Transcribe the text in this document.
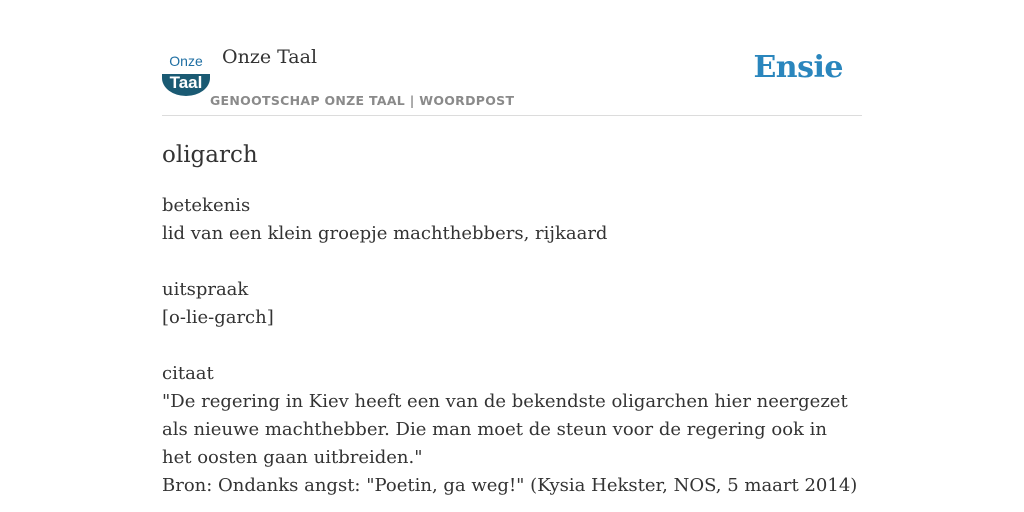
Onze
Taal
Onze Taal
GENOOTSCHAP ONZE TAAL | WOORDPOST
Ensie
oligarch
betekenis
lid van een klein groepje machthebbers, rijkaard
uitspraak
[o-lie-garch]
citaat
"De regering in Kiev heeft een van de bekendste oligarchen hier neergezet als nieuwe machthebber. Die man moet de steun voor de regering ook in het oosten gaan uitbreiden."
Bron: Ondanks angst: "Poetin, ga weg!" (Kysia Hekster, NOS, 5 maart 2014)
